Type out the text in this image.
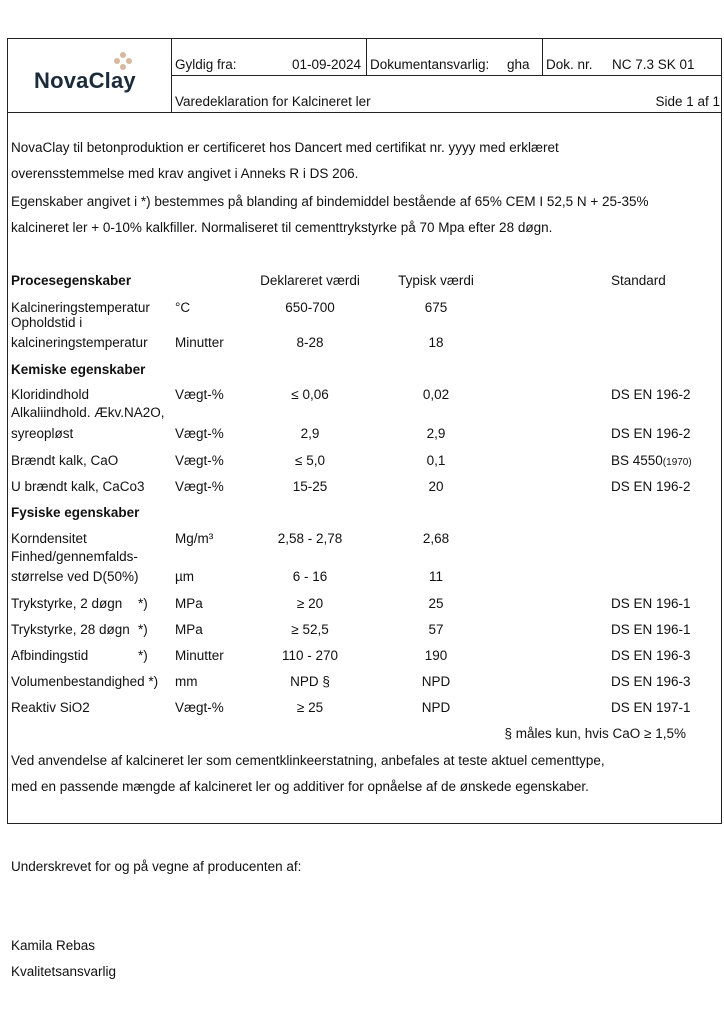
NovaClay
Gyldig fra:	01-09-2024 Dokumentansvarlig: gha Dok. nr. NC 7.3 SK 01
Varedeklaration for Kalcineret ler	Side 1 af 1
NovaClay til betonproduktion er certificeret hos Dancert med certifikat nr. yyyy med erklæret
overensstemmelse med krav angivet i Anneks R i DS 206.
Egenskaber angivet i *) bestemmes på blanding af bindemiddel bestående af 65% CEM I 52,5 N + 25-35%
kalcineret ler + 0-10% kalkfiller. Normaliseret til cementtrykstyrke på 70 Mpa efter 28 døgn.
Procesegenskaber	Deklareret værdi	Typisk værdi	Standard
Kalcineringstemperatur °C	650-700	675
Opholdstid i
kalcineringstemperatur Minutter	8-28	18
Kemiske egenskaber
Kloridindhold	Vægt-%	≤ 0,06	0,02	DS EN 196-2
Alkaliindhold. Ækv.NA2O,
syreopløst	Vægt-%	2,9	2,9	DS EN 196-2
Brændt kalk, CaO	Vægt-%	≤ 5,0	0,1	BS 4550(1970)
U brændt kalk, CaCo3 Vægt-%	15-25	20	DS EN 196-2
Fysiske egenskaber
Korndensitet	Mg/m³	2,58 - 2,78	2,68
Finhed/gennemfalds-
størrelse ved D(50%)	µm	6 - 16	11
Trykstyrke, 2 døgn *) MPa	≥ 20	25	DS EN 196-1
Trykstyrke, 28 døgn *) MPa	≥ 52,5	57	DS EN 196-1
Afbindingstid	*) Minutter	110 - 270	190	DS EN 196-3
Volumenbestandighed *) mm	NPD §	NPD	DS EN 196-3
Reaktiv SiO2	Vægt-%	≥ 25	NPD	DS EN 197-1
§ måles kun, hvis CaO ≥ 1,5%
Ved anvendelse af kalcineret ler som cementklinkeerstatning, anbefales at teste aktuel cementtype,
med en passende mængde af kalcineret ler og additiver for opnåelse af de ønskede egenskaber.
Underskrevet for og på vegne af producenten af:
Kamila Rebas
Kvalitetsansvarlig
